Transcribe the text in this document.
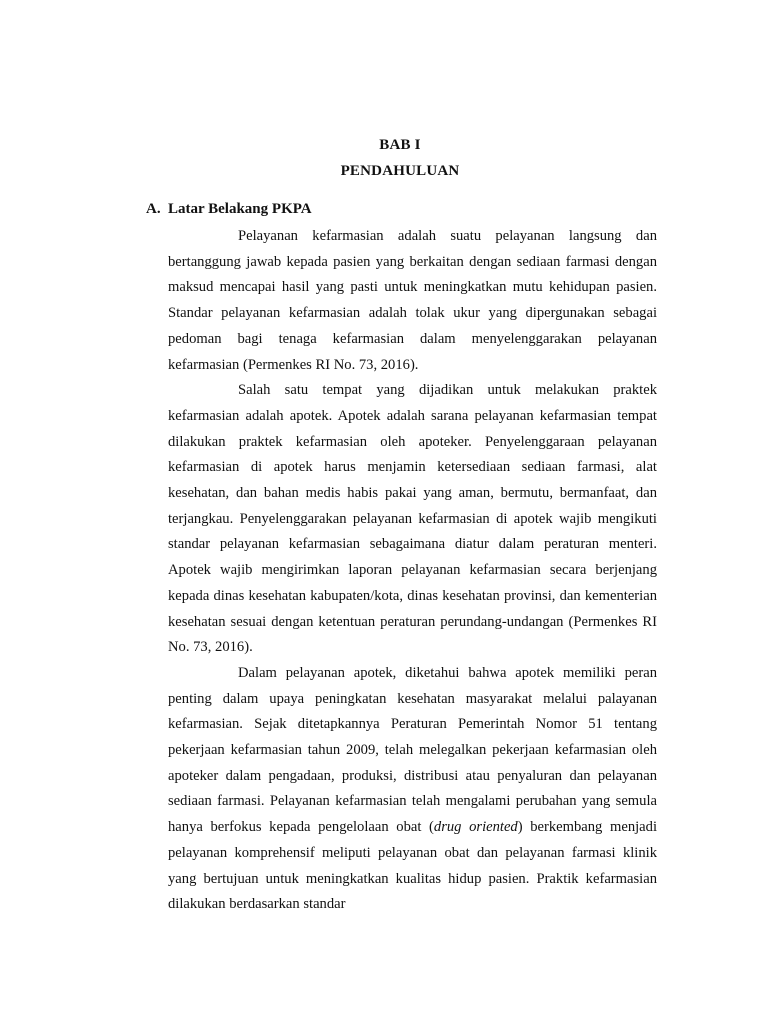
BAB I
PENDAHULUAN
A. Latar Belakang PKPA

Pelayanan kefarmasian adalah suatu pelayanan langsung dan bertanggung jawab kepada pasien yang berkaitan dengan sediaan farmasi dengan maksud mencapai hasil yang pasti untuk meningkatkan mutu kehidupan pasien. Standar pelayanan kefarmasian adalah tolak ukur yang dipergunakan sebagai pedoman bagi tenaga kefarmasian dalam menyelenggarakan pelayanan kefarmasian (Permenkes RI No. 73, 2016).

Salah satu tempat yang dijadikan untuk melakukan praktek kefarmasian adalah apotek. Apotek adalah sarana pelayanan kefarmasian tempat dilakukan praktek kefarmasian oleh apoteker. Penyelenggaraan pelayanan kefarmasian di apotek harus menjamin ketersediaan sediaan farmasi, alat kesehatan, dan bahan medis habis pakai yang aman, bermutu, bermanfaat, dan terjangkau. Penyelenggarakan pelayanan kefarmasian di apotek wajib mengikuti standar pelayanan kefarmasian sebagaimana diatur dalam peraturan menteri. Apotek wajib mengirimkan laporan pelayanan kefarmasian secara berjenjang kepada dinas kesehatan kabupaten/kota, dinas kesehatan provinsi, dan kementerian kesehatan sesuai dengan ketentuan peraturan perundang-undangan (Permenkes RI No. 73, 2016).

Dalam pelayanan apotek, diketahui bahwa apotek memiliki peran penting dalam upaya peningkatan kesehatan masyarakat melalui palayanan kefarmasian. Sejak ditetapkannya Peraturan Pemerintah Nomor 51 tentang pekerjaan kefarmasian tahun 2009, telah melegalkan pekerjaan kefarmasian oleh apoteker dalam pengadaan, produksi, distribusi atau penyaluran dan pelayanan sediaan farmasi. Pelayanan kefarmasian telah mengalami perubahan yang semula hanya berfokus kepada pengelolaan obat (drug oriented) berkembang menjadi pelayanan komprehensif meliputi pelayanan obat dan pelayanan farmasi klinik yang bertujuan untuk meningkatkan kualitas hidup pasien. Praktik kefarmasian dilakukan berdasarkan standar
